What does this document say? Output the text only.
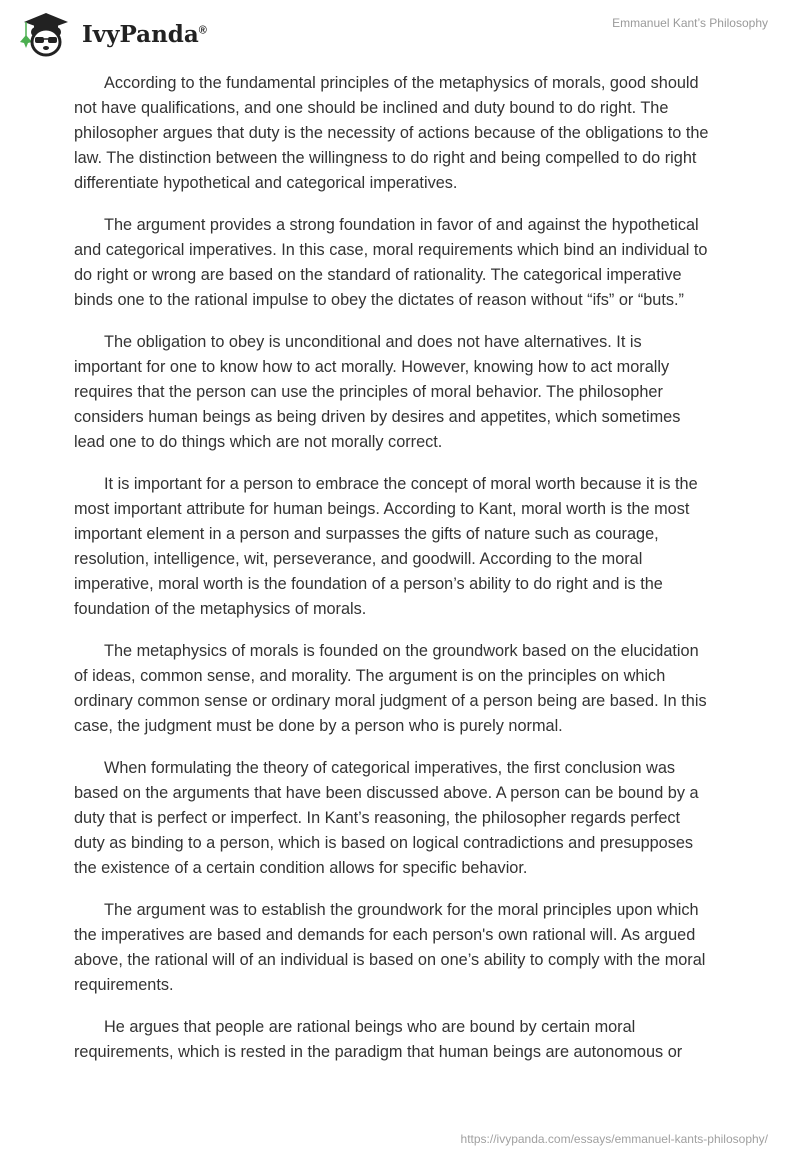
IvyPanda®	Emmanuel Kant’s Philosophy

According to the fundamental principles of the metaphysics of morals, good should
not have qualifications, and one should be inclined and duty bound to do right. The
philosopher argues that duty is the necessity of actions because of the obligations to the
law. The distinction between the willingness to do right and being compelled to do right
differentiate hypothetical and categorical imperatives.

The argument provides a strong foundation in favor of and against the hypothetical
and categorical imperatives. In this case, moral requirements which bind an individual to
do right or wrong are based on the standard of rationality. The categorical imperative
binds one to the rational impulse to obey the dictates of reason without “ifs” or “buts.”

The obligation to obey is unconditional and does not have alternatives. It is
important for one to know how to act morally. However, knowing how to act morally
requires that the person can use the principles of moral behavior. The philosopher
considers human beings as being driven by desires and appetites, which sometimes
lead one to do things which are not morally correct.

It is important for a person to embrace the concept of moral worth because it is the
most important attribute for human beings. According to Kant, moral worth is the most
important element in a person and surpasses the gifts of nature such as courage,
resolution, intelligence, wit, perseverance, and goodwill. According to the moral
imperative, moral worth is the foundation of a person’s ability to do right and is the
foundation of the metaphysics of morals.

The metaphysics of morals is founded on the groundwork based on the elucidation
of ideas, common sense, and morality. The argument is on the principles on which
ordinary common sense or ordinary moral judgment of a person being are based. In this
case, the judgment must be done by a person who is purely normal.

When formulating the theory of categorical imperatives, the first conclusion was
based on the arguments that have been discussed above. A person can be bound by a
duty that is perfect or imperfect. In Kant’s reasoning, the philosopher regards perfect
duty as binding to a person, which is based on logical contradictions and presupposes
the existence of a certain condition allows for specific behavior.

The argument was to establish the groundwork for the moral principles upon which
the imperatives are based and demands for each person's own rational will. As argued
above, the rational will of an individual is based on one’s ability to comply with the moral
requirements.

He argues that people are rational beings who are bound by certain moral
requirements, which is rested in the paradigm that human beings are autonomous or

https://ivypanda.com/essays/emmanuel-kants-philosophy/
